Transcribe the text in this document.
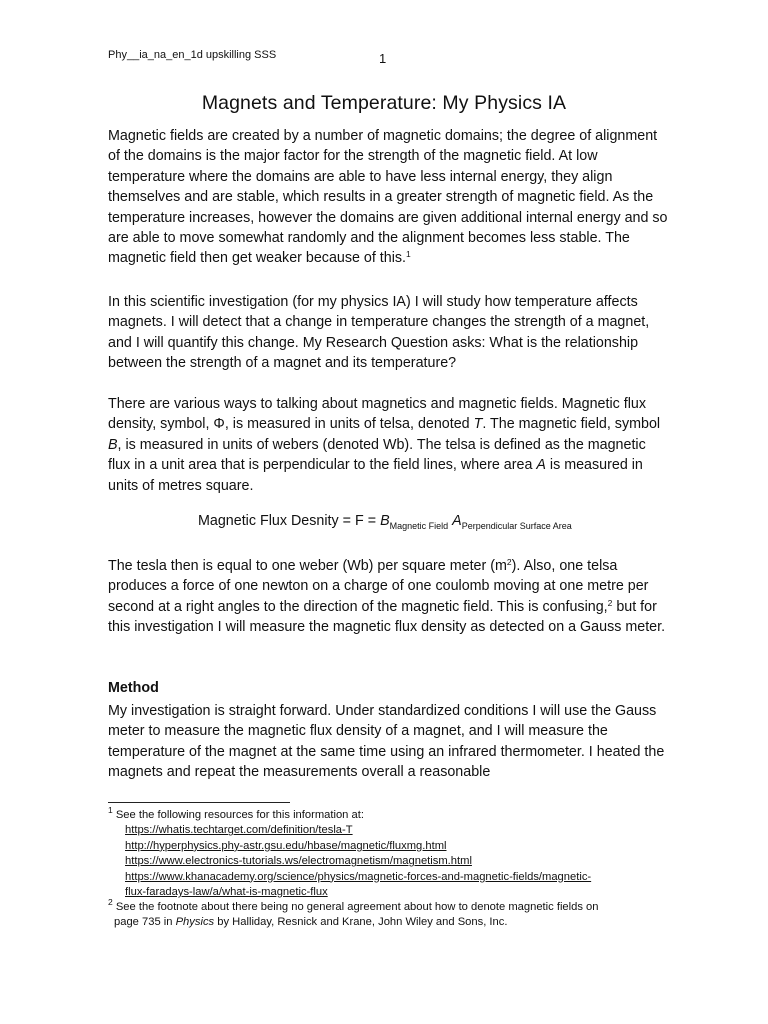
Phy__ia_na_en_1d upskilling SSS	1
Magnets and Temperature: My Physics IA
Magnetic fields are created by a number of magnetic domains; the degree of alignment of the domains is the major factor for the strength of the magnetic field. At low temperature where the domains are able to have less internal energy, they align themselves and are stable, which results in a greater strength of magnetic field. As the temperature increases, however the domains are given additional internal energy and so are able to move somewhat randomly and the alignment becomes less stable. The magnetic field then get weaker because of this.$^1$
In this scientific investigation (for my physics IA) I will study how temperature affects magnets. I will detect that a change in temperature changes the strength of a magnet, and I will quantify this change. My Research Question asks: What is the relationship between the strength of a magnet and its temperature?
There are various ways to talking about magnetics and magnetic fields. Magnetic flux density, symbol, Φ, is measured in units of telsa, denoted T. The magnetic field, symbol B, is measured in units of webers (denoted Wb). The telsa is defined as the magnetic flux in a unit area that is perpendicular to the field lines, where area A is measured in units of metres square.
Magnetic Flux Desnity = $F = B_{Magnetic Field}$ $A_{Perpendicular Surface Area}$
The tesla then is equal to one weber (Wb) per square meter $(m^2)$. Also, one telsa produces a force of one newton on a charge of one coulomb moving at one metre per second at a right angles to the direction of the magnetic field. This is confusing,$^2$ but for this investigation I will measure the magnetic flux density as detected on a Gauss meter.
Method
My investigation is straight forward. Under standardized conditions I will use the Gauss meter to measure the magnetic flux density of a magnet, and I will measure the temperature of the magnet at the same time using an infrared thermometer. I heated the magnets and repeat the measurements overall a reasonable
$^1$ See the following resources for this information at:
https://whatis.techtarget.com/definition/tesla-T
http://hyperphysics.phy-astr.gsu.edu/hbase/magnetic/fluxmg.html
https://www.electronics-tutorials.ws/electromagnetism/magnetism.html
https://www.khanacademy.org/science/physics/magnetic-forces-and-magnetic-fields/magnetic-
flux-faradays-law/a/what-is-magnetic-flux
$^2$ See the footnote about there being no general agreement about how to denote magnetic fields on
page 735 in Physics by Halliday, Resnick and Krane, John Wiley and Sons, Inc.
